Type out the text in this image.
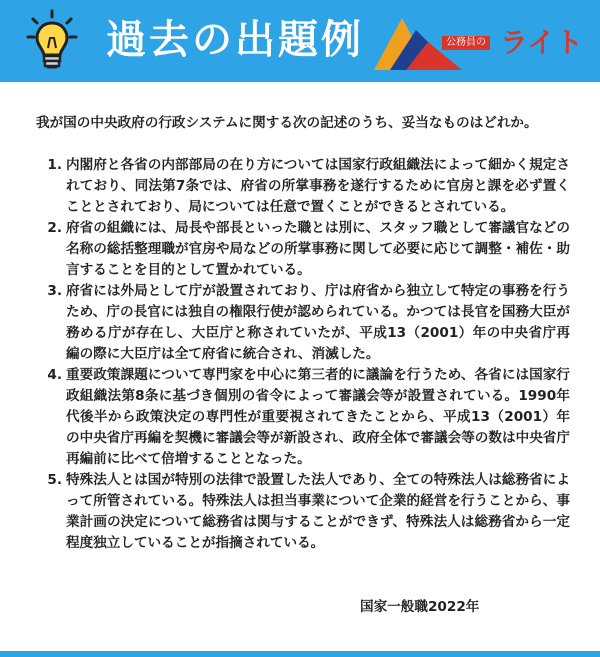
過去の出題例	公務員の ライト

我が国の中央政府の行政システムに関する次の記述のうち、妥当なものはどれか。

1. 内閣府と各省の内部部局の在り方については国家行政組織法によって細かく規定されており、同法第7条では、府省の所掌事務を遂行するために官房と課を必ず置くこととされており、局については任意で置くことができるとされている。
2. 府省の組織には、局長や部長といった職とは別に、スタッフ職として審議官などの名称の総括整理職が官房や局などの所掌事務に関して必要に応じて調整・補佐・助言することを目的として置かれている。
3. 府省には外局として庁が設置されており、庁は府省から独立して特定の事務を行うため、庁の長官には独自の権限行使が認められている。かつては長官を国務大臣が務める庁が存在し、大臣庁と称されていたが、平成13（2001）年の中央省庁再編の際に大臣庁は全て府省に統合され、消滅した。
4. 重要政策課題について専門家を中心に第三者的に議論を行うため、各省には国家行政組織法第8条に基づき個別の省令によって審議会等が設置されている。1990年代後半から政策決定の専門性が重要視されてきたことから、平成13（2001）年の中央省庁再編を契機に審議会等が新設され、政府全体で審議会等の数は中央省庁再編前に比べて倍増することとなった。
5. 特殊法人とは国が特別の法律で設置した法人であり、全ての特殊法人は総務省によって所管されている。特殊法人は担当事業について企業的経営を行うことから、事業計画の決定について総務省は関与することができず、特殊法人は総務省から一定程度独立していることが指摘されている。
国家一般職2022年
